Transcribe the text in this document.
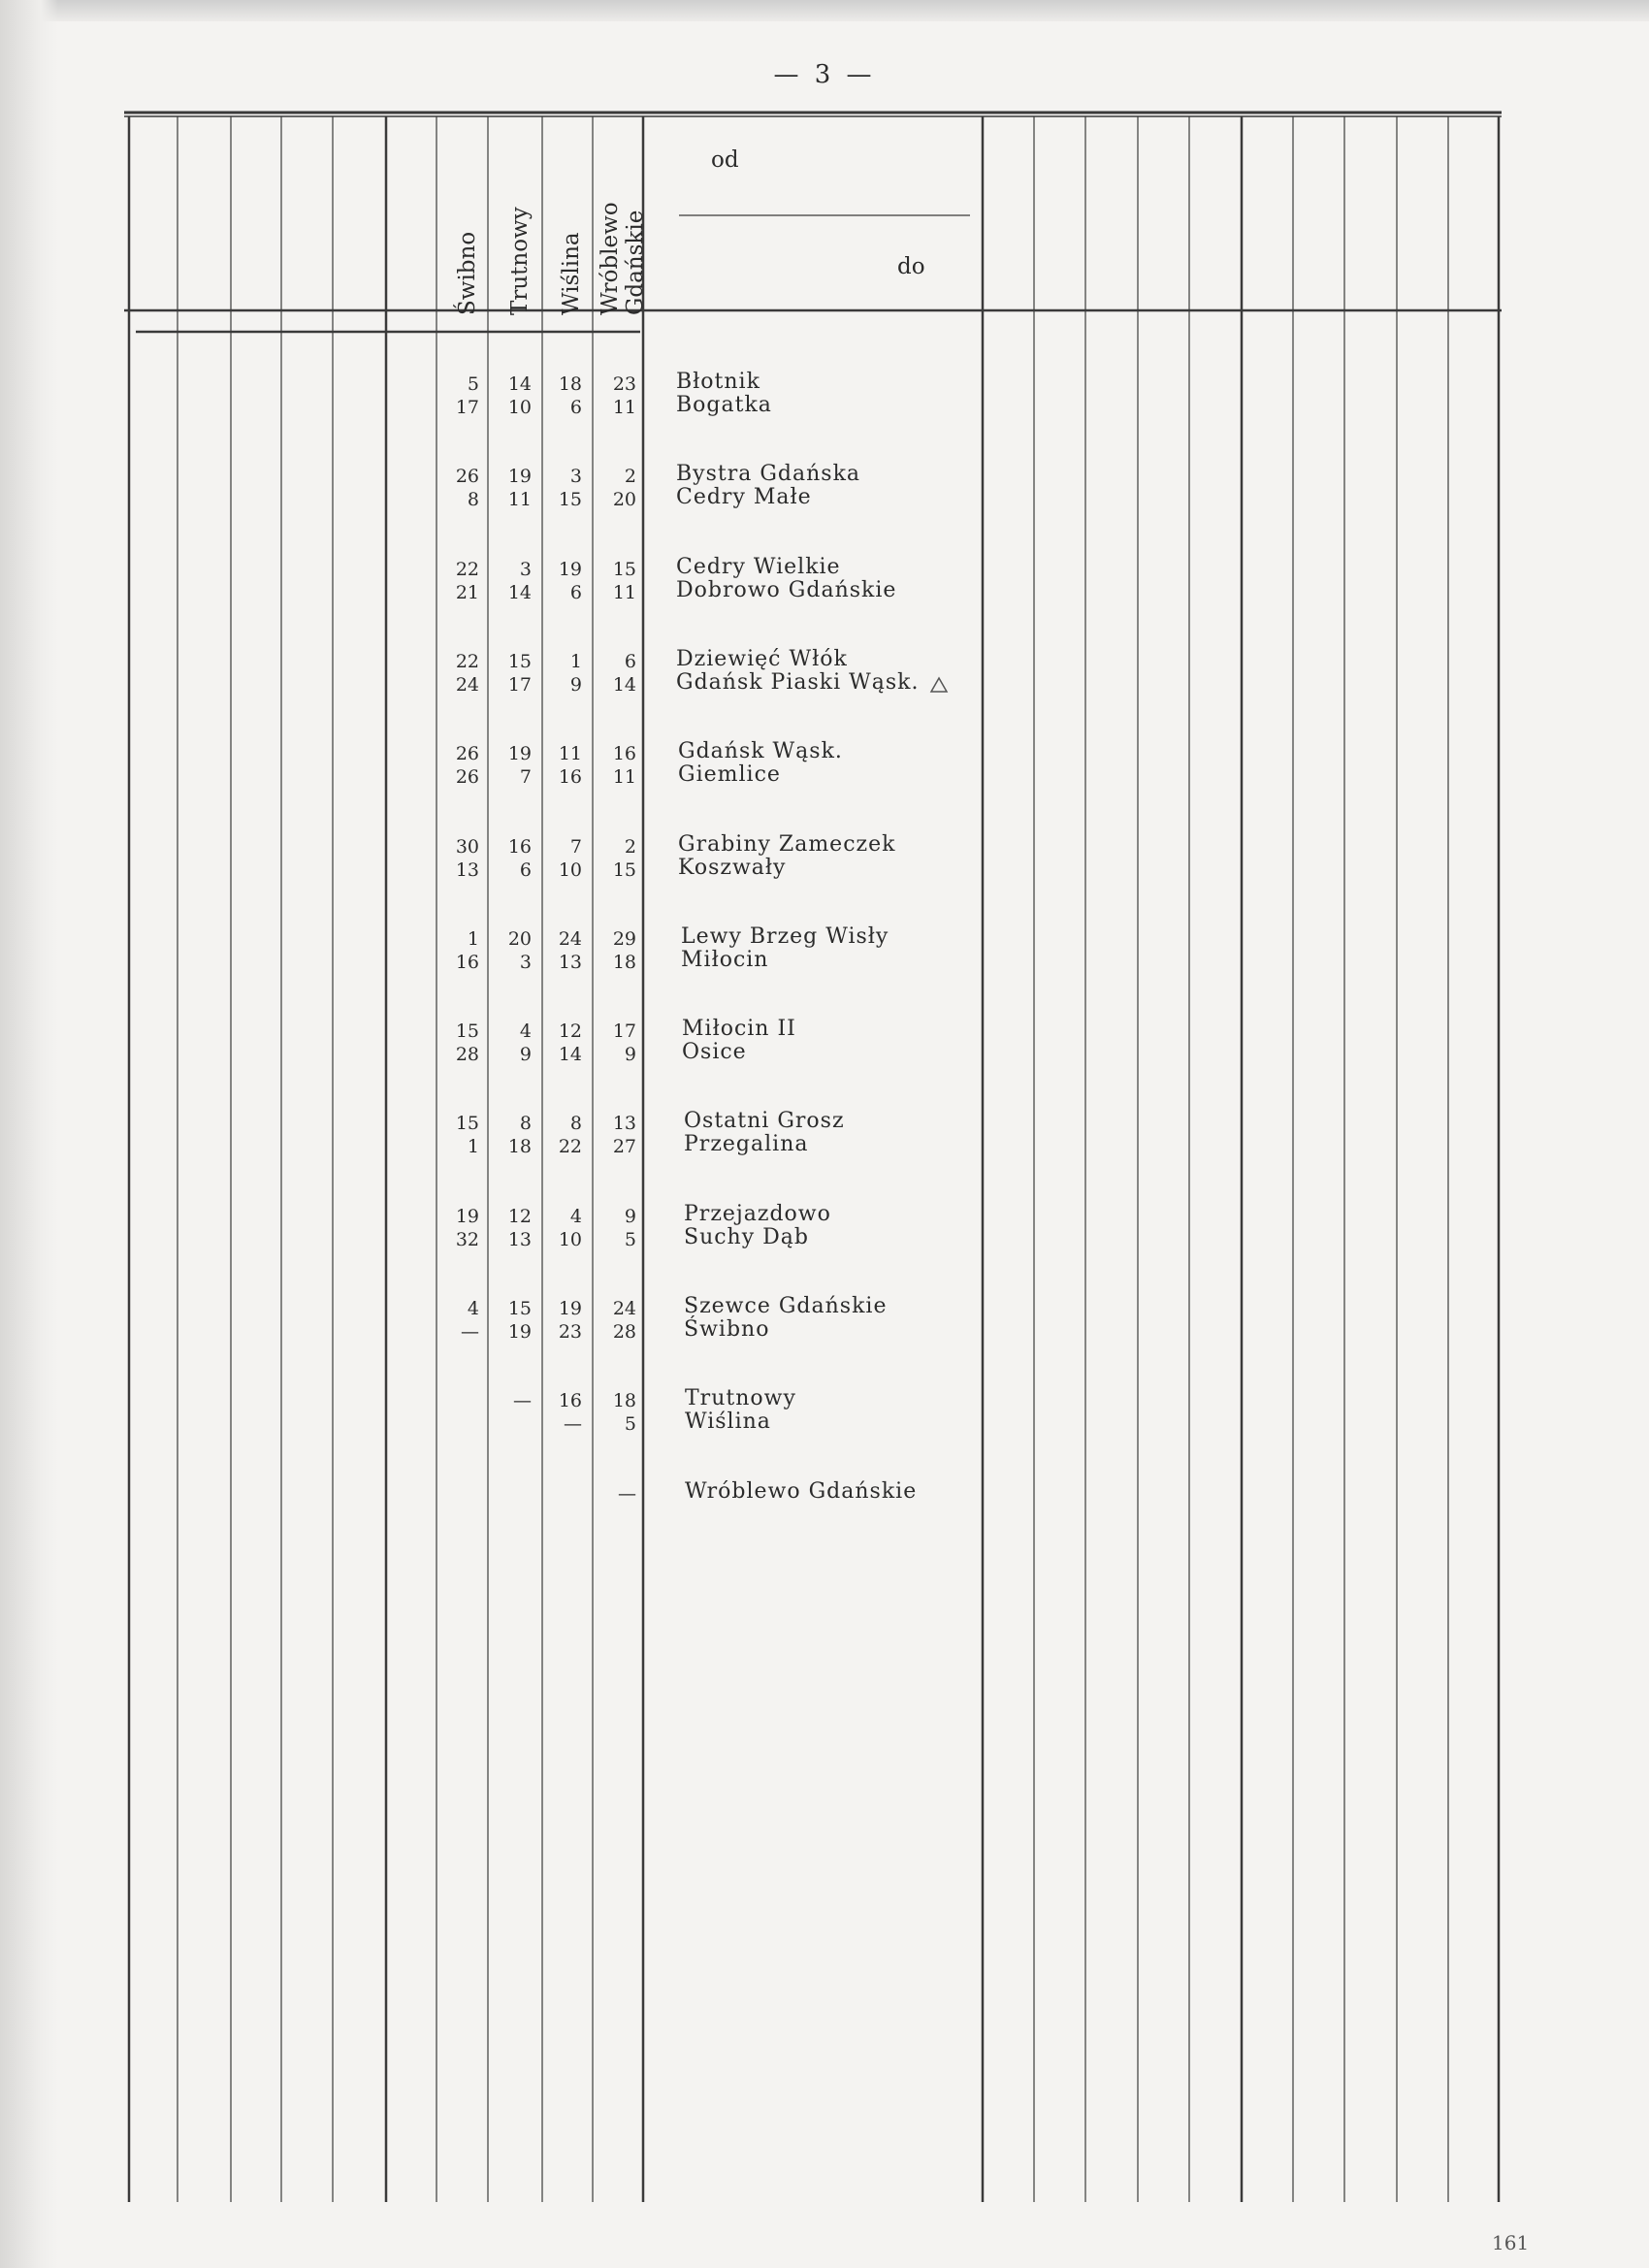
— 3 —
Świbno Trutnowy Wiślina Wróblewo
Gdańskie
od
do
5
17
14
10
18
6
23
11
Błotnik
Bogatka
26
8
19
11
3
15
2
20
Bystra Gdańska
Cedry Małe
22
21
3
14
19
6
15
11
Cedry Wielkie
Dobrowo Gdańskie
22
24
15
17
1
9
6
14
Dziewięć Włók
Gdańsk Piaski Wąsk.
26
26
19
7
11
16
16
11
Gdańsk Wąsk.
Giemlice
30
13
16
6
7
10
2
15
Grabiny Zameczek
Koszwały
1
16
20
3
24
13
29
18
Lewy Brzeg Wisły
Miłocin
15
28
4
9
12
14
17
9
Miłocin II
Osice
15
1
8
18
8
22
13
27
Ostatni Grosz
Przegalina
19
32
12
13
4
10
9
5
Przejazdowo
Suchy Dąb
4
—
15
19
19
23
24
28
Szewce Gdańskie
Świbno
—	16
—
18
5
Trutnowy
Wiślina
— Wróblewo Gdańskie
161
